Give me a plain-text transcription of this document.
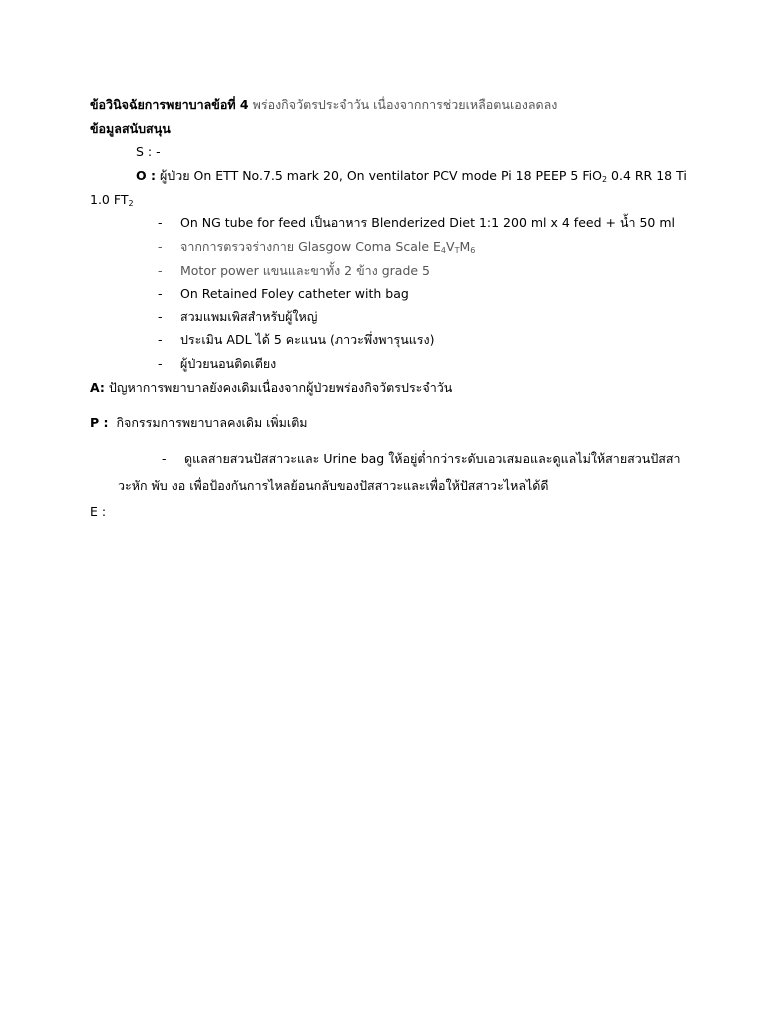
ข้อวินิจฉัยการพยาบาลข้อที่ 4 พร่องกิจวัตรประจำวัน เนื่องจากการช่วยเหลือตนเองลดลง
ข้อมูลสนับสนุน
S : -
O : ผู้ป่วย On ETT No.7.5 mark 20, On ventilator PCV mode Pi 18 PEEP 5 FiO$_2$ 0.4 RR 18 Ti
1.0 $FT_2$
- On NG tube for feed เป็นอาหาร Blenderized Diet 1:1 200 ml x 4 feed + น้ำ 50 ml
- จากการตรวจร่างกาย Glasgow Coma Scale $E_4V_TM_6$
- Motor power แขนและขาทั้ง 2 ข้าง grade 5
- On Retained Foley catheter with bag
- สวมแพมเพิสสำหรับผู้ใหญ่
- ประเมิน ADL ได้ 5 คะแนน (ภาวะพึ่งพารุนแรง)
- ผู้ป่วยนอนติดเตียง
A: ปัญหาการพยาบาลยังคงเดิมเนื่องจากผู้ป่วยพร่องกิจวัตรประจำวัน
P : กิจกรรมการพยาบาลคงเดิม เพิ่มเติม
- ดูแลสายสวนปัสสาวะและ Urine bag ให้อยู่ต่ำกว่าระดับเอวเสมอและดูแลไม่ให้สายสวนปัสสา
วะหัก พับ งอ เพื่อป้องกันการไหลย้อนกลับของปัสสาวะและเพื่อให้ปัสสาวะไหลได้ดี
E :
